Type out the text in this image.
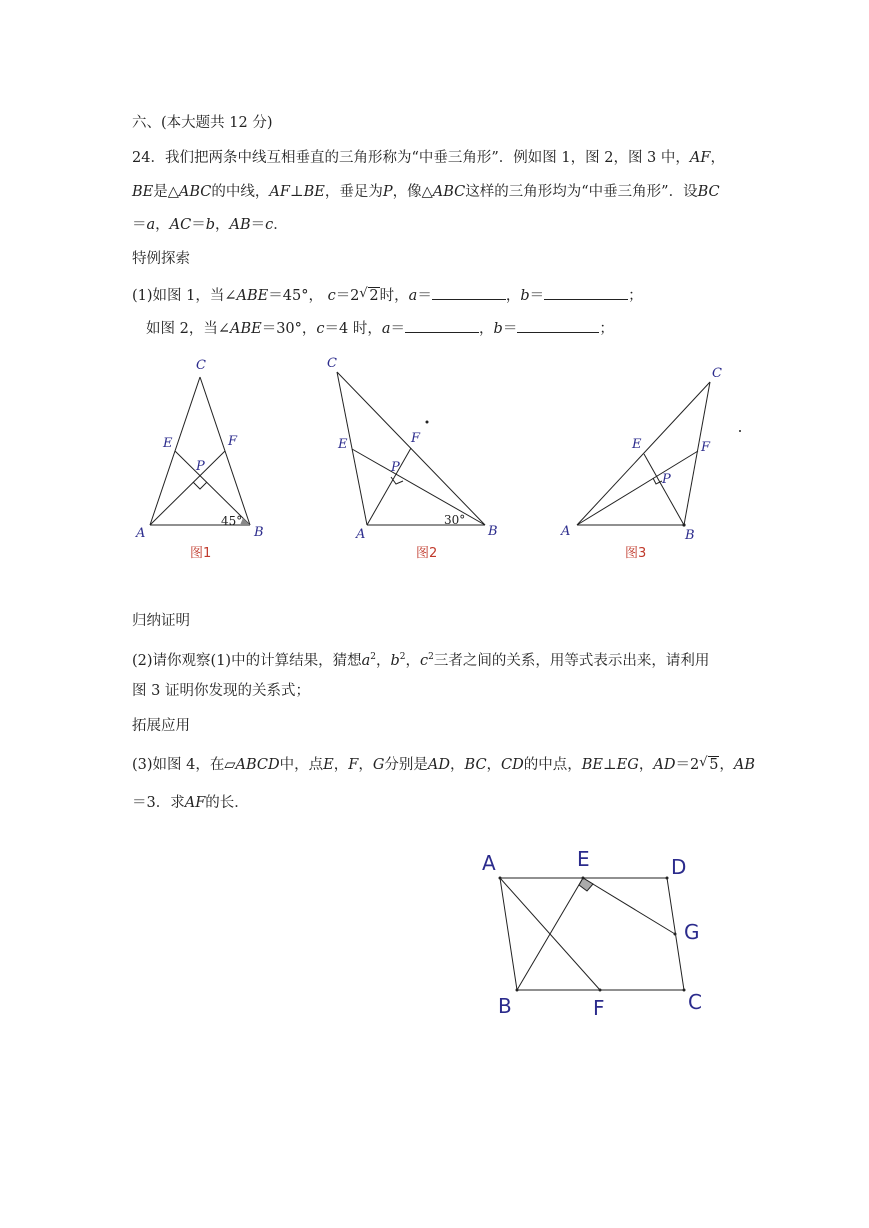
六、(本大题共 12 分)
24．我们把两条中线互相垂直的三角形称为“中垂三角形”．例如图 1，图 2，图 3 中，AF，
BE是△ABC的中线，AF⊥BE，垂足为P，像△ABC这样的三角形均为“中垂三角形”．设BC
＝a，AC＝b，AB＝c．
特例探索
(1)如图 1，当∠ABE＝45°， c＝2 √ 2时，a＝	，b＝	；
如图 2，当∠ABE＝30°，c＝4 时，a＝	，b＝	；
C
E	F
P
A	B
45°
图1
C
E	F
P
A	B
30°
图2
C
E	F
P
A	B
图3
归纳证明
(2)请你观察(1)中的计算结果，猜想$a^2$，$b^2$，$c^2$三者之间的关系，用等式表示出来，请利用
图 3 证明你发现的关系式；
拓展应用
(3)如图 4，在▱ABCD中，点E，F，G分别是AD，BC，CD的中点，BE⊥EG，AD＝2 √ 5，AB
＝3．求AF的长．
A	E	D
G
B	F	C
